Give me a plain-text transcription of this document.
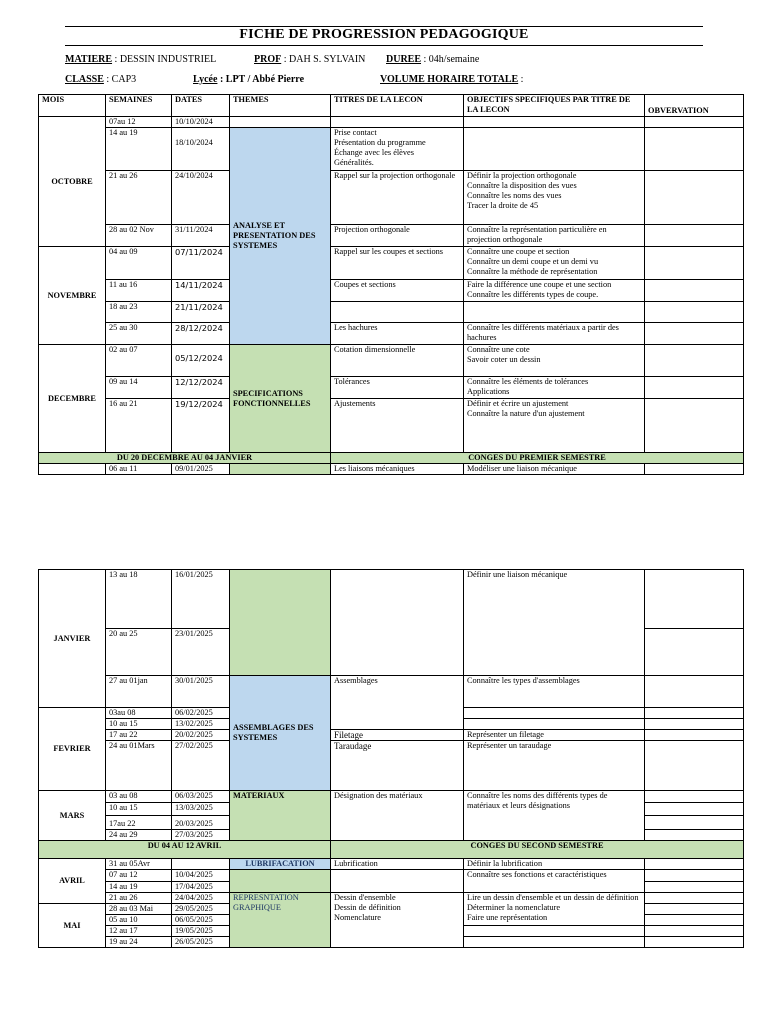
FICHE DE PROGRESSION PEDAGOGIQUE
MATIERE : DESSIN INDUSTRIEL	PROF : DAH S. SYLVAIN DUREE : 04h/semaine
CLASSE : CAP3	Lycée : LPT / Abbé Pierre	VOLUME HORAIRE TOTALE :
MOIS	SEMAINES	DATES	THEMES	TITRES DE LA LECON	OBJECTIFS SPECIFIQUES PAR TITRE DE LA LECON	OBVERVATION
OCTOBRE	07au 12	10/10/2024				
	14 au 19	18/10/2024	ANALYSE ET PRESENTATION DES SYSTEMES	Prise contact
Présentation du programme
Échange avec les élèves
Généralités.		
	21 au 26	24/10/2024		Rappel sur la projection orthogonale	Définir la projection orthogonale
Connaître la disposition des vues
Connaître les noms des vues
Tracer la droite de 45	
	28 au 02 Nov	31/11/2024		Projection orthogonale	Connaître la représentation particulière en projection orthogonale	
NOVEMBRE	04 au 09	07/11/2024		Rappel sur les coupes et sections	Connaître une coupe et section
Connaître un demi coupe et un demi vu
Connaître la méthode de représentation	
	11 au 16	14/11/2024		Coupes et sections	Faire la différence une coupe et une section
Connaître les différents types de coupe.	
	18 au 23	21/11/2024				
	25 au 30	28/12/2024		Les hachures	Connaître les différents matériaux a partir des hachures	
DECEMBRE	02 au 07	05/12/2024	SPECIFICATIONS FONCTIONNELLES	Cotation dimensionnelle	Connaître une cote
Savoir coter un dessin	
	09 au 14	12/12/2024		Tolérances	Connaître les éléments de tolérances
Applications	
	16 au 21	19/12/2024		Ajustements	Définir et écrire un ajustement
Connaître la nature d'un ajustement	
DU 20 DECEMBRE AU 04 JANVIER				CONGES DU PREMIER SEMESTRE		
	06 au 11	09/01/2025		Les liaisons mécaniques	Modéliser une liaison mécanique	
JANVIER	13 au 18	16/01/2025			Définir une liaison mécanique	
	20 au 25	23/01/2025				
	27 au 01jan	30/01/2025	ASSEMBLAGES DES SYSTEMES	Assemblages	Connaître les types d'assemblages	
FEVRIER	03au 08	06/02/2025				
	10 au 15	13/02/2025				
	17 au 22	20/02/2025		Filetage	Représenter un filetage	
	24 au 01Mars	27/02/2025		Taraudage	Représenter un taraudage	
MARS	03 au 08	06/03/2025	MATERIAUX	Désignation des matériaux	Connaître les noms des différents types de matériaux et leurs désignations	
	10 au 15	13/03/2025				
	17au 22	20/03/2025				
	24 au 29	27/03/2025				
DU 04 AU 12 AVRIL				CONGES DU SECOND SEMESTRE		
AVRIL	31 au 05Avr		LUBRIFACATION	Lubrification	Définir la lubrification	
	07 au 12	10/04/2025			Connaître ses fonctions et caractéristiques	
	14 au 19	17/04/2025				
	21 au 26	24/04/2025	REPRESNTATION GRAPHIQUE	Dessin d'ensemble
Dessin de définition
Nomenclature	Lire un dessin d'ensemble et un dessin de définition
Déterminer la nomenclature
Faire une représentation	
MAI	28 au 03 Mai	29/05/2025				
	05 au 10	06/05/2025				
	12 au 17	19/05/2025				
	19 au 24	26/05/2025				
